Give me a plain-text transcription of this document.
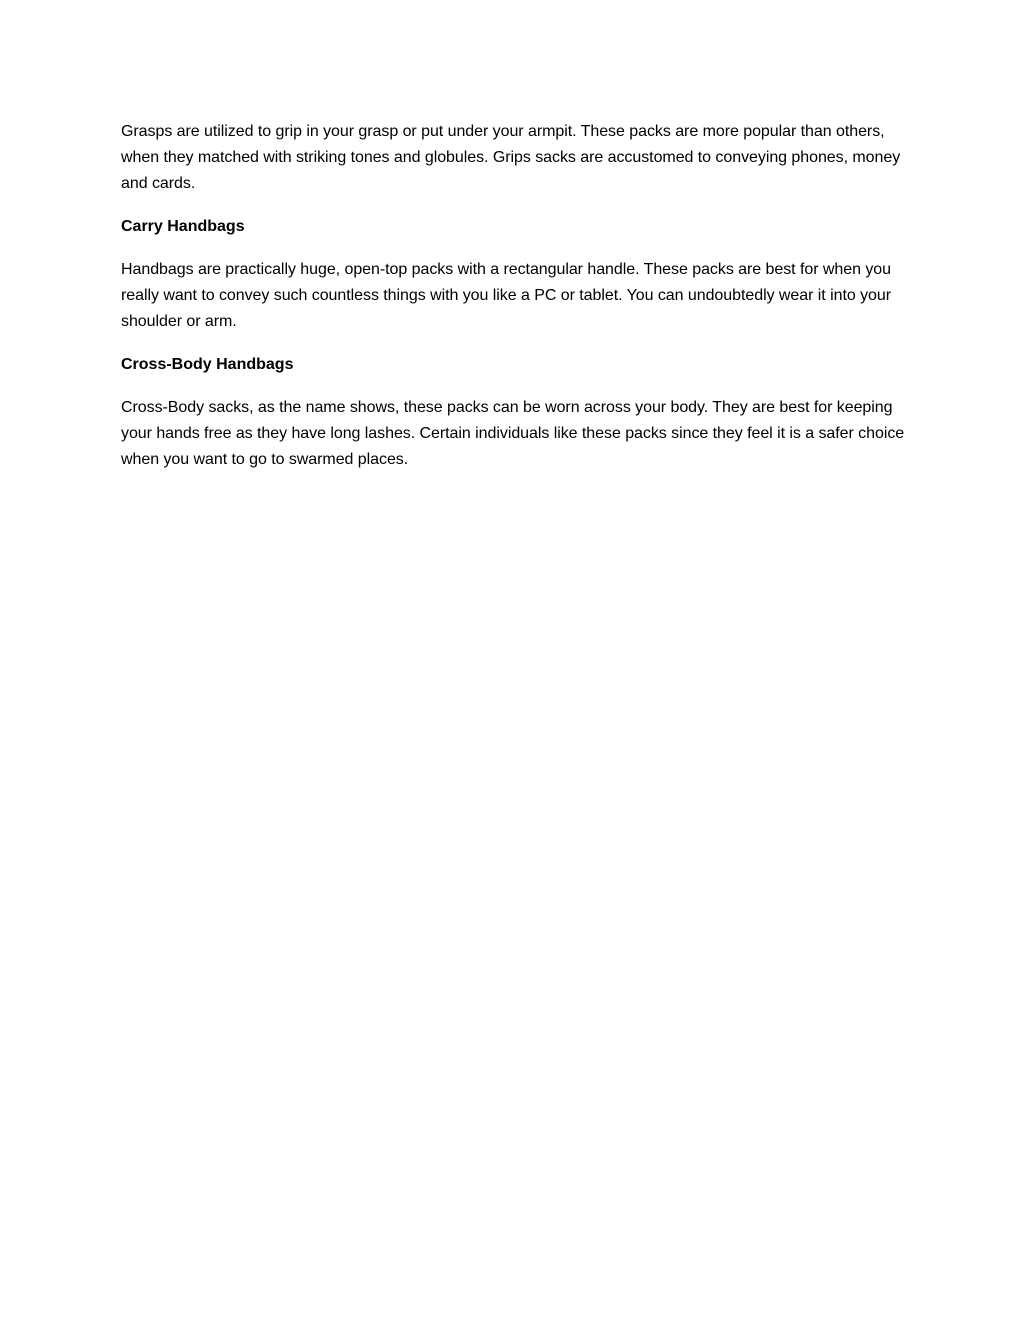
Grasps are utilized to grip in your grasp or put under your armpit. These packs are more popular than others, when they matched with striking tones and globules. Grips sacks are accustomed to conveying phones, money and cards.

Carry Handbags

Handbags are practically huge, open-top packs with a rectangular handle. These packs are best for when you really want to convey such countless things with you like a PC or tablet. You can undoubtedly wear it into your shoulder or arm.

Cross-Body Handbags

Cross-Body sacks, as the name shows, these packs can be worn across your body. They are best for keeping your hands free as they have long lashes. Certain individuals like these packs since they feel it is a safer choice when you want to go to swarmed places.
